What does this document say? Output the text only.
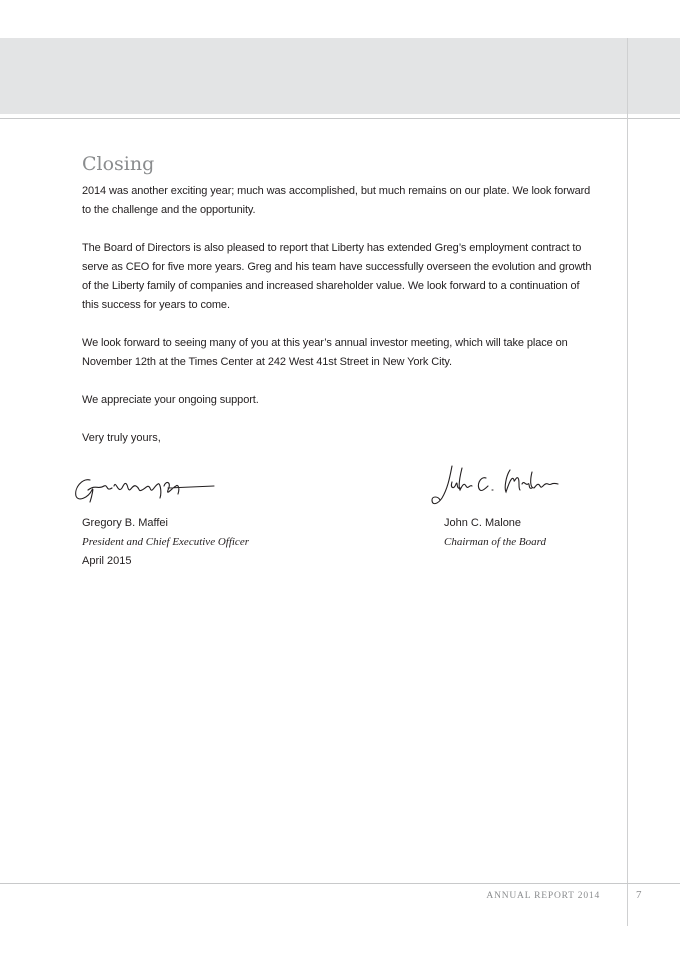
Closing

2014 was another exciting year; much was accomplished, but much remains on our plate. We look forward to the challenge and the opportunity.

The Board of Directors is also pleased to report that Liberty has extended Greg’s employment contract to serve as CEO for five more years. Greg and his team have successfully overseen the evolution and growth of the Liberty family of companies and increased shareholder value. We look forward to a continuation of this success for years to come.

We look forward to seeing many of you at this year’s annual investor meeting, which will take place on November 12th at the Times Center at 242 West 41st Street in New York City.

We appreciate your ongoing support.

Very truly yours,

Gregory B. Maffei
President and Chief Executive Officer
April 2015
John C. Malone
Chairman of the Board
ANNUAL REPORT 2014	7
